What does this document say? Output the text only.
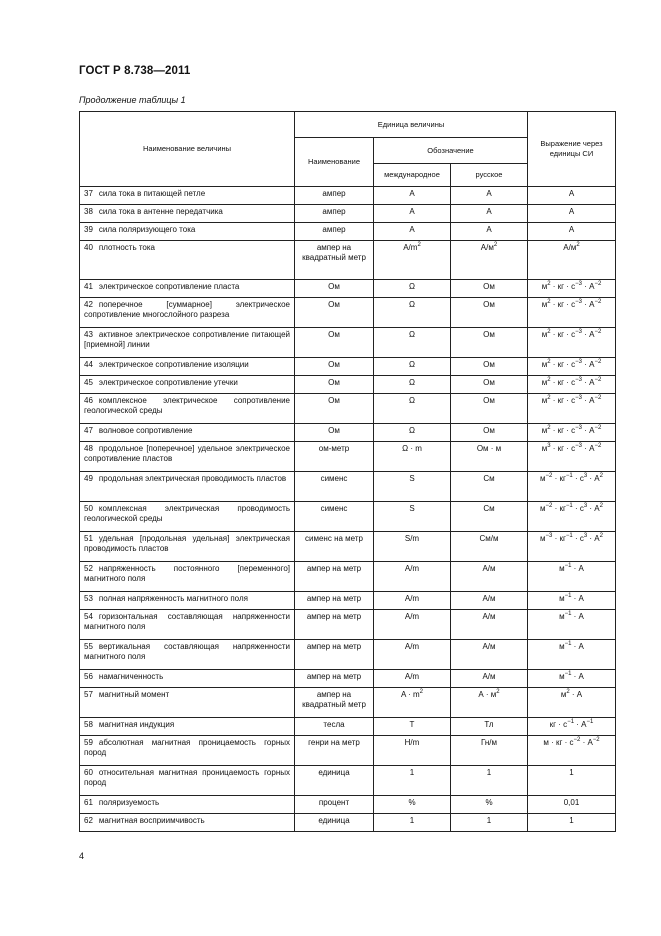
ГОСТ Р 8.738—2011
Продолжение таблицы 1
Наименование величины	Единица величины			Выражение через единицы СИ
	Наименование	Обозначение		
		международное	русское	
37 сила тока в питающей петле	ампер	A	А	A
38 сила тока в антенне передатчика	ампер	A	А	A
39 сила поляризующего тока	ампер	A	А	A
40 плотность тока	ампер на квадратный метр	$A/m^2$	$А/м^2$	$A/м^2$
41 электрическое сопротивление пласта	Ом	Ω	Ом	$м^2$ · кг · $с^{-3} \cdot A^{-2}$
42 поперечное [суммарное] электрическое сопротивление многослойного разреза	Ом	Ω	Ом	$м^2$ · кг · $с^{-3} \cdot A^{-2}$
43 активное электрическое сопротивление питающей [приемной] линии	Ом	Ω	Ом	$м^2$ · кг · $с^{-3} \cdot A^{-2}$
44 электрическое сопротивление изоляции	Ом	Ω	Ом	$м^2$ · кг · $с^{-3} \cdot A^{-2}$
45 электрическое сопротивление утечки	Ом	Ω	Ом	$м^2$ · кг · $с^{-3} \cdot A^{-2}$
46 комплексное электрическое сопротивление геологической среды	Ом	Ω	Ом	$м^2$ · кг · $с^{-3} \cdot A^{-2}$
47 волновое сопротивление	Ом	Ω	Ом	$м^2$ · кг · $с^{-3} \cdot A^{-2}$
48 продольное [поперечное] удельное электрическое сопротивление пластов	ом-метр	Ω · m	Ом · м	$м^3$ · кг · $с^{-3} \cdot A^{-2}$
49 продольная электрическая проводимость пластов	сименс	S	См	$м^{-2} \cdot кг^{-1} \cdot с^3 \cdot A^2$
50 комплексная электрическая проводимость геологической среды	сименс	S	См	$м^{-2} \cdot кг^{-1} \cdot с^3 \cdot A^2$
51 удельная [продольная удельная] электрическая проводимость пластов	сименс на метр	S/m	См/м	$м^{-3} \cdot кг^{-1} \cdot с^3 \cdot A^2$
52 напряженность постоянного [переменного] магнитного поля	ампер на метр	A/m	А/м	$м^{-1} \cdot A$
53 полная напряженность магнитного поля	ампер на метр	A/m	А/м	$м^{-1} \cdot A$
54 горизонтальная составляющая напряженности магнитного поля	ампер на метр	A/m	А/м	$м^{-1} \cdot A$
55 вертикальная составляющая напряженности магнитного поля	ампер на метр	A/m	А/м	$м^{-1} \cdot A$
56 намагниченность	ампер на метр	A/m	А/м	$м^{-1} \cdot A$
57 магнитный момент	ампер на квадратный метр	$A \cdot m^2$	$А \cdot м^2$	$м^2 \cdot A$
58 магнитная индукция	тесла	T	Тл	кг · $с^{-1} \cdot A^{-1}$
59 абсолютная магнитная проницаемость горных пород	генри на метр	H/m	Гн/м	м · кг · $с^{-2} \cdot A^{-2}$
60 относительная магнитная проницаемость горных пород	единица	1	1	1
61 поляризуемость	процент	%	%	0,01
62 магнитная восприимчивость	единица	1	1	1
4
